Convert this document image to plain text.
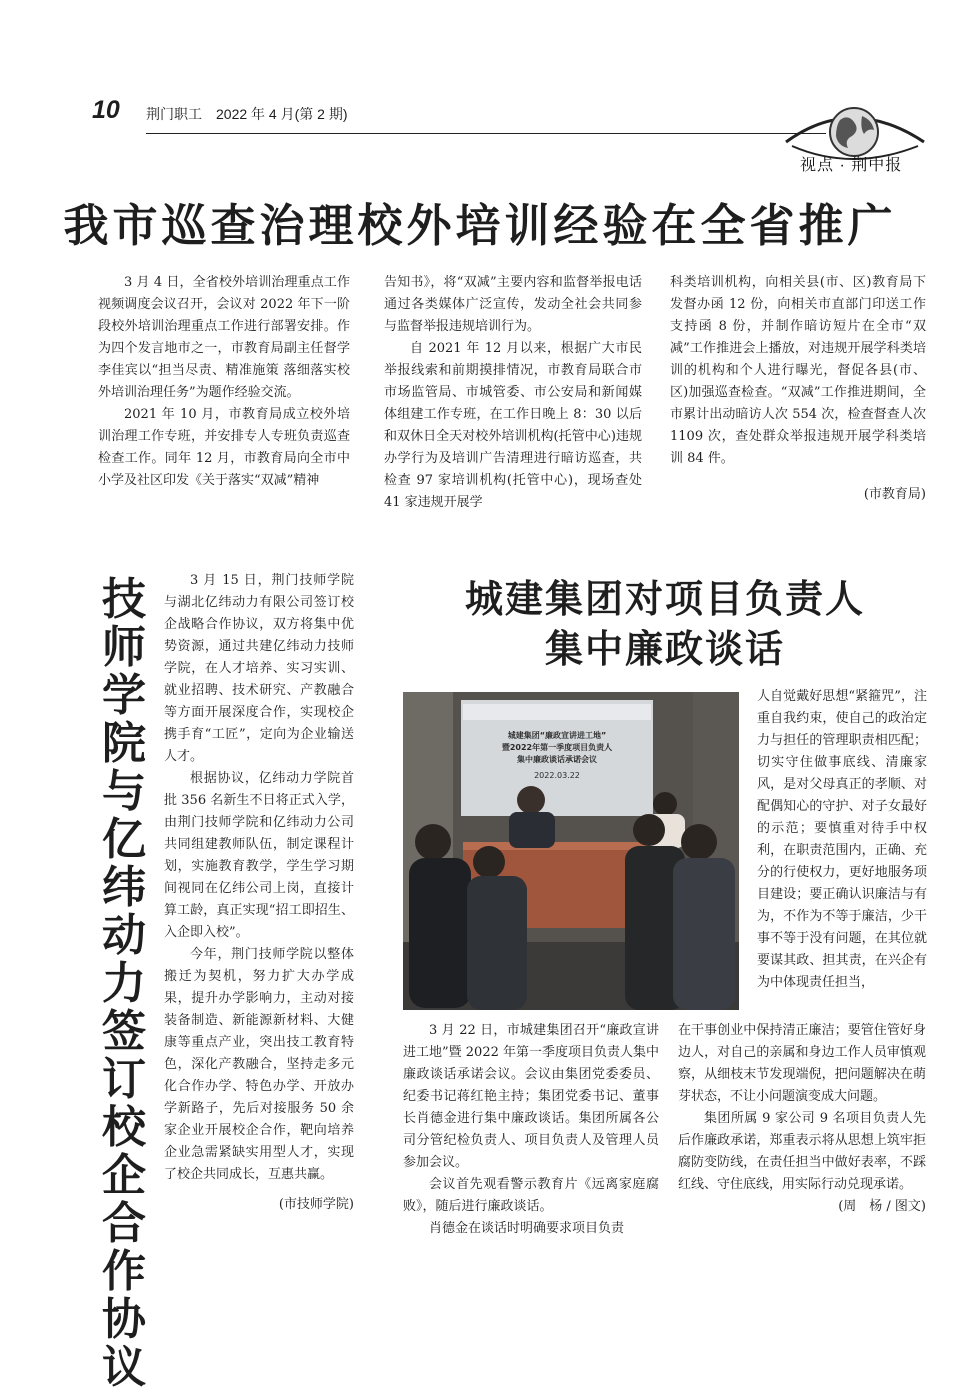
10 荆门职工　2022 年 4 月(第 2 期)
视点 · 荆中报
我市巡查治理校外培训经验在全省推广

3 月 4 日，全省校外培训治理重点工作视频调度会议召开，会议对 2022 年下一阶段校外培训治理重点工作进行部署安排。作为四个发言地市之一，市教育局副主任督学李佳宾以“担当尽责、精准施策 落细落实校外培训治理任务”为题作经验交流。

2021 年 10 月，市教育局成立校外培训治理工作专班，并安排专人专班负责巡查检查工作。同年 12 月，市教育局向全市中小学及社区印发《关于落实“双减”精神

告知书》，将“双减”主要内容和监督举报电话通过各类媒体广泛宣传，发动全社会共同参与监督举报违规培训行为。

自 2021 年 12 月以来，根据广大市民举报线索和前期摸排情况，市教育局联合市市场监管局、市城管委、市公安局和新闻媒体组建工作专班，在工作日晚上 8：30 以后和双休日全天对校外培训机构(托管中心)违规办学行为及培训广告清理进行暗访巡查，共检查 97 家培训机构(托管中心)，现场查处 41 家违规开展学

科类培训机构，向相关县(市、区)教育局下发督办函 12 份，向相关市直部门印送工作支持函 8 份，并制作暗访短片在全市“双减”工作推进会上播放，对违规开展学科类培训的机构和个人进行曝光，督促各县(市、区)加强巡查检查。“双减”工作推进期间，全市累计出动暗访人次 554 次，检查督查人次 1109 次，查处群众举报违规开展学科类培训 84 件。

(市教育局)

技师学院与亿纬动力签订校企合作协议

3 月 15 日，荆门技师学院与湖北亿纬动力有限公司签订校企战略合作协议，双方将集中优势资源，通过共建亿纬动力技师学院，在人才培养、实习实训、就业招聘、技术研究、产教融合等方面开展深度合作，实现校企携手育“工匠”，定向为企业输送人才。

根据协议，亿纬动力学院首批 356 名新生不日将正式入学，由荆门技师学院和亿纬动力公司共同组建教师队伍，制定课程计划，实施教育教学，学生学习期间视同在亿纬公司上岗，直接计算工龄，真正实现“招工即招生、入企即入校”。

今年，荆门技师学院以整体搬迁为契机，努力扩大办学成果，提升办学影响力，主动对接装备制造、新能源新材料、大健康等重点产业，突出技工教育特色，深化产教融合，坚持走多元化合作办学、特色办学、开放办学新路子，先后对接服务 50 余家企业开展校企合作，靶向培养企业急需紧缺实用型人才，实现了校企共同成长，互惠共赢。

(市技师学院)

城建集团对项目负责人
集中廉政谈话
城建集团“廉政宣讲进工地”
暨2022年第一季度项目负责人
集中廉政谈话承诺会议
2022.03.22

人自觉戴好思想“紧箍咒”，注重自我约束，使自己的政治定力与担任的管理职责相匹配；切实守住做事底线、清廉家风，是对父母真正的孝顺、对配偶知心的守护、对子女最好的示范；要慎重对待手中权利，在职责范围内，正确、充分的行使权力，更好地服务项目建设；要正确认识廉洁与有为，不作为不等于廉洁，少干事不等于没有问题，在其位就要谋其政、担其责，在兴企有为中体现责任担当，

3 月 22 日，市城建集团召开“廉政宣讲进工地”暨 2022 年第一季度项目负责人集中廉政谈话承诺会议。会议由集团党委委员、纪委书记蒋红艳主持；集团党委书记、董事长肖德金进行集中廉政谈话。集团所属各公司分管纪检负责人、项目负责人及管理人员参加会议。

会议首先观看警示教育片《远离家庭腐败》，随后进行廉政谈话。

肖德金在谈话时明确要求项目负责

在干事创业中保持清正廉洁；要管住管好身边人，对自己的亲属和身边工作人员审慎观察，从细枝末节发现端倪，把问题解决在萌芽状态，不让小问题演变成大问题。

集团所属 9 家公司 9 名项目负责人先后作廉政承诺，郑重表示将从思想上筑牢拒腐防变防线，在责任担当中做好表率，不踩红线、守住底线，用实际行动兑现承诺。

(周　杨 / 图文)
